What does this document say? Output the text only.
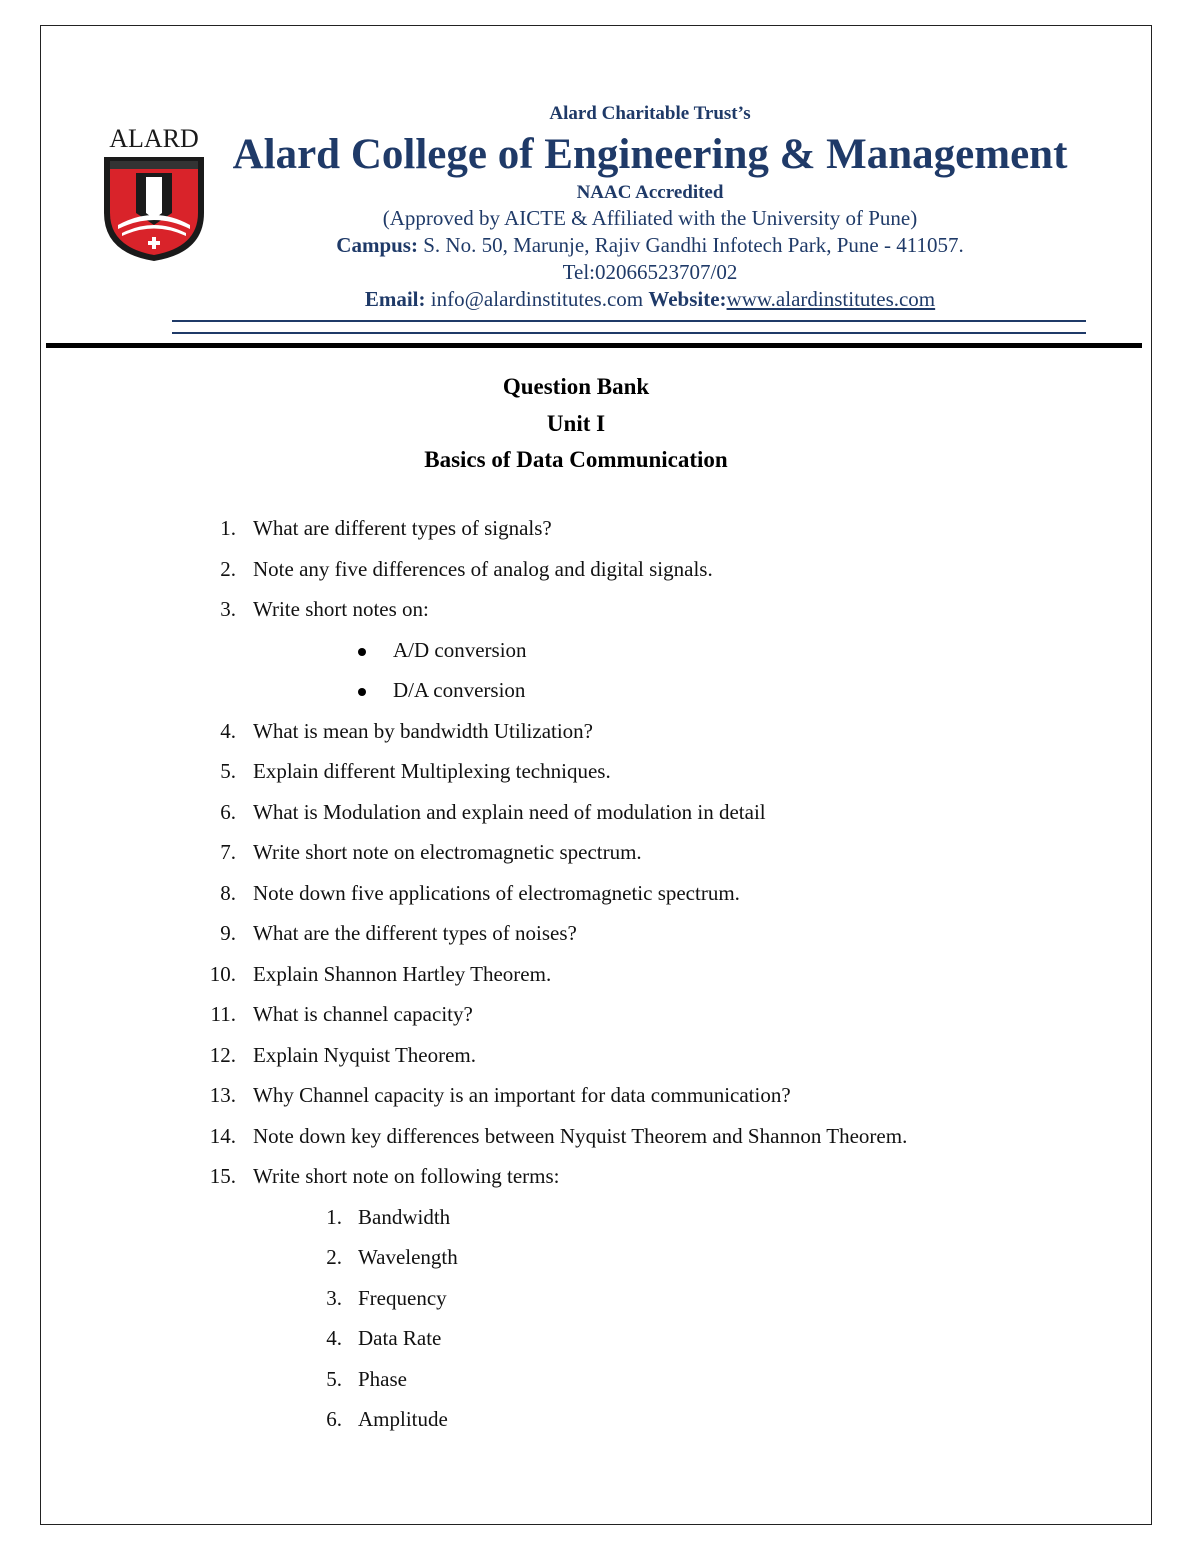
ALARD
Alard Charitable Trust’s
Alard College of Engineering & Management
NAAC Accredited
(Approved by AICTE & Affiliated with the University of Pune)
Campus: S. No. 50, Marunje, Rajiv Gandhi Infotech Park, Pune - 411057.
Tel:02066523707/02
Email: info@alardinstitutes.com Website:www.alardinstitutes.com
Question Bank
Unit I
Basics of Data Communication
1. What are different types of signals?
2. Note any five differences of analog and digital signals.
3. Write short notes on:
A/D conversion
D/A conversion
4. What is mean by bandwidth Utilization?
5. Explain different Multiplexing techniques.
6. What is Modulation and explain need of modulation in detail
7. Write short note on electromagnetic spectrum.
8. Note down five applications of electromagnetic spectrum.
9. What are the different types of noises?
10. Explain Shannon Hartley Theorem.
11. What is channel capacity?
12. Explain Nyquist Theorem.
13. Why Channel capacity is an important for data communication?
14. Note down key differences between Nyquist Theorem and Shannon Theorem.
15. Write short note on following terms:
1. Bandwidth
2. Wavelength
3. Frequency
4. Data Rate
5. Phase
6. Amplitude
